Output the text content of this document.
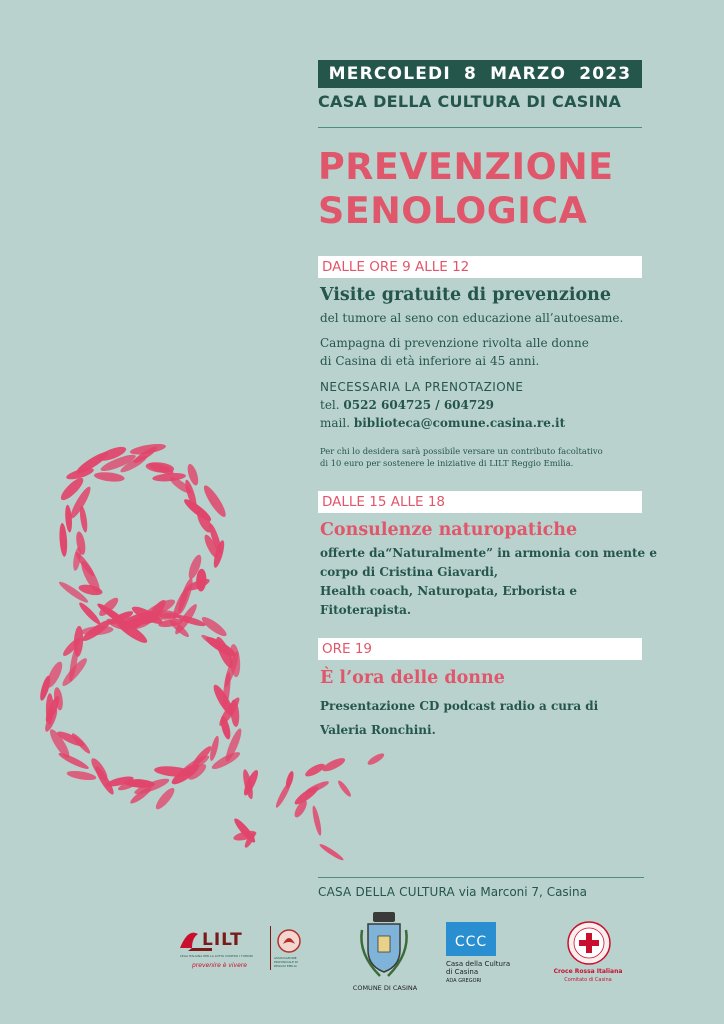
MERCOLEDI 8 MARZO 2023
CASA DELLA CULTURA DI CASINA
PREVENZIONE
SENOLOGICA
DALLE ORE 9 ALLE 12
Visite gratuite di prevenzione
del tumore al seno con educazione all’autoesame.
Campagna di prevenzione rivolta alle donne
di Casina di età inferiore ai 45 anni.
NECESSARIA LA PRENOTAZIONE
tel. 0522 604725 / 604729
mail. biblioteca@comune.casina.re.it
Per chi lo desidera sarà possibile versare un contributo facoltativo
di 10 euro per sostenere le iniziative di LILT Reggio Emilia.
DALLE 15 ALLE 18
Consulenze naturopatiche
offerte da“Naturalmente” in armonia con mente e
corpo di Cristina Giavardi,
Health coach, Naturopata, Erborista e
Fitoterapista.
ORE 19
È l’ora delle donne
Presentazione CD podcast radio a cura di
Valeria Ronchini.
CASA DELLA CULTURA via Marconi 7, Casina
LILT
LEGA ITALIANA PER LA LOTTA CONTRO I TUMORI
prevenire è vivere
ASSOCIAZIONE PROVINCIALE DI REGGIO EMILIA
COMUNE DI CASINA
CCC
Casa della Cultura
di Casina
ADA GREGORI
Croce Rossa Italiana
Comitato di Casina
